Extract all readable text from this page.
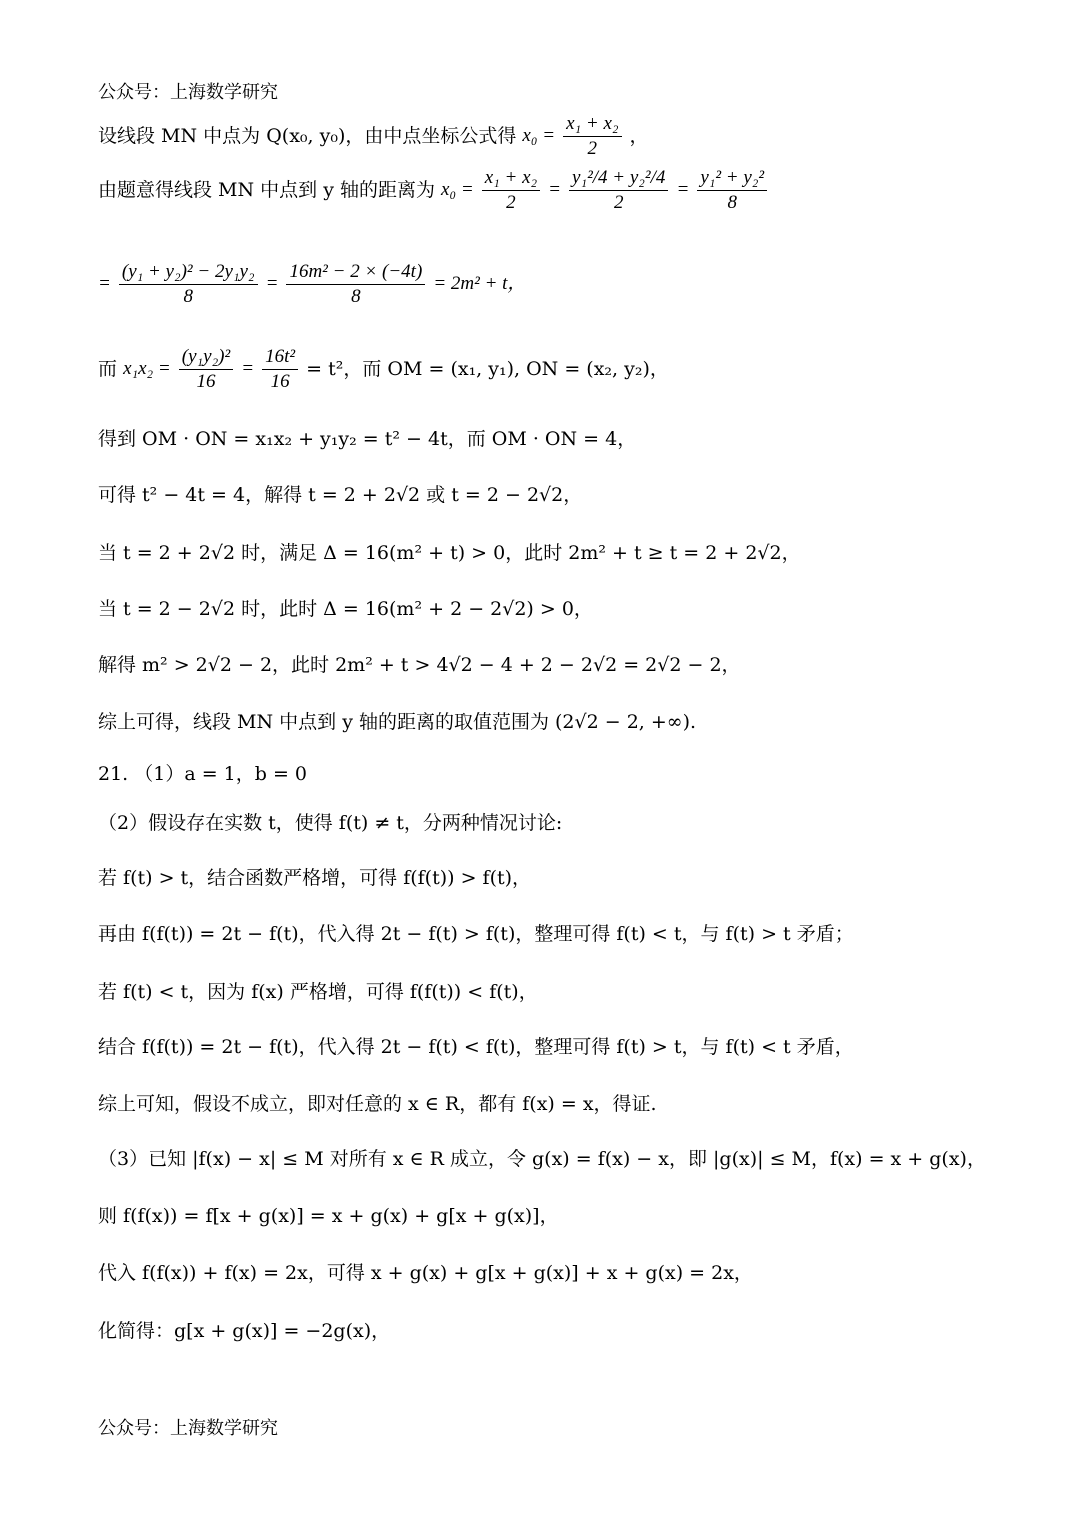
公众号：上海数学研究
设线段 MN 中点为 Q(x₀, y₀)，由中点坐标公式得 $x_0 = \frac{\text{x₁ + x₂}}{2}$ ，
由题意得线段 MN 中点到 y 轴的距离为 $x_0 = \frac{\text{x₁ + x₂}}{2} = \frac{\text{y₁²/4 + y₂²/4}}{2} = \frac{\text{y₁² + y₂²}}{8}$
= $\frac{\text{(y₁ + y₂)² − 2y₁y₂}}{8} = \frac{\text{16m² − 2 × (−4t)}}{8} = 2m^2 + t$，
而 $x_1x_2 = \frac{\text{(y₁y₂)²}}{16} = \frac{\text{16t²}}{16} = t^2$，而 OM = (x₁, y₁), ON = (x₂, y₂)，
得到 OM · ON = x₁x₂ + y₁y₂ = t² − 4t，而 OM · ON = 4，
可得 t² − 4t = 4，解得 t = 2 + 2√2 或 t = 2 − 2√2，
当 t = 2 + 2√2 时，满足 Δ = 16(m² + t) > 0，此时 2m² + t ≥ t = 2 + 2√2，
当 t = 2 − 2√2 时，此时 Δ = 16(m² + 2 − 2√2) > 0，
解得 m² > 2√2 − 2，此时 2m² + t > 4√2 − 4 + 2 − 2√2 = 2√2 − 2，
综上可得，线段 MN 中点到 y 轴的距离的取值范围为 (2√2 − 2, +∞).
21. （1）a = 1，b = 0
（2）假设存在实数 t，使得 f(t) ≠ t，分两种情况讨论:
若 f(t) > t，结合函数严格增，可得 f(f(t)) > f(t)，
再由 f(f(t)) = 2t − f(t)，代入得 2t − f(t) > f(t)，整理可得 f(t) < t，与 f(t) > t 矛盾；
若 f(t) < t，因为 f(x) 严格增，可得 f(f(t)) < f(t)，
结合 f(f(t)) = 2t − f(t)，代入得 2t − f(t) < f(t)，整理可得 f(t) > t，与 f(t) < t 矛盾，
综上可知，假设不成立，即对任意的 x ∈ R，都有 f(x) = x，得证.
（3）已知 |f(x) − x| ≤ M 对所有 x ∈ R 成立，令 g(x) = f(x) − x，即 |g(x)| ≤ M，f(x) = x + g(x)，
则 f(f(x)) = f[x + g(x)] = x + g(x) + g[x + g(x)]，
代入 f(f(x)) + f(x) = 2x，可得 x + g(x) + g[x + g(x)] + x + g(x) = 2x，
化简得：g[x + g(x)] = −2g(x)，
公众号：上海数学研究
